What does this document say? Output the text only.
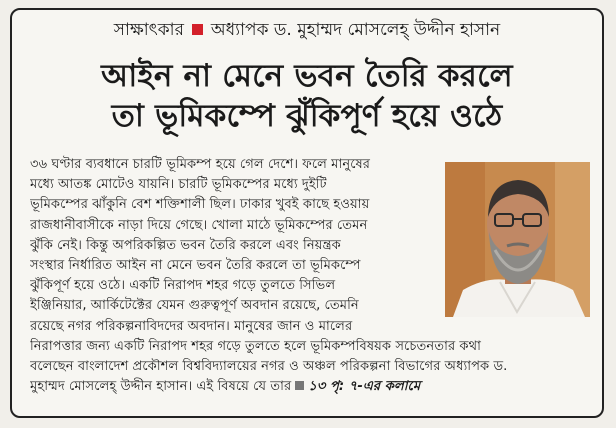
সাক্ষাৎকার অধ্যাপক ড. মুহাম্মদ মোসলেহ্ উদ্দীন হাসান
আইন না মেনে ভবন তৈরি করলে
তা ভূমিকম্পে ঝুঁকিপূর্ণ হয়ে ওঠে
৩৬ ঘণ্টার ব্যবধানে চারটি ভূমিকম্প হয়ে গেল দেশে। ফলে মানুষের
মধ্যে আতঙ্ক মোটেও যায়নি। চারটি ভূমিকম্পের মধ্যে দুইটি
ভূমিকম্পের ঝাঁকুনি বেশ শক্তিশালী ছিল। ঢাকার খুবই কাছে হওয়ায়
রাজধানীবাসীকে নাড়া দিয়ে গেছে। খোলা মাঠে ভূমিকম্পের তেমন
ঝুঁকি নেই। কিন্তু অপরিকল্পিত ভবন তৈরি করলে এবং নিয়ন্ত্রক
সংস্থার নির্ধারিত আইন না মেনে ভবন তৈরি করলে তা ভূমিকম্পে
ঝুঁকিপূর্ণ হয়ে ওঠে। একটি নিরাপদ শহর গড়ে তুলতে সিভিল
ইঞ্জিনিয়ার, আর্কিটেক্টের যেমন গুরুত্বপূর্ণ অবদান রয়েছে, তেমনি
রয়েছে নগর পরিকল্পনাবিদদের অবদান। মানুষের জান ও মালের
নিরাপত্তার জন্য একটি নিরাপদ শহর গড়ে তুলতে হলে ভূমিকম্পবিষয়ক সচেতনতার কথা
বলেছেন বাংলাদেশ প্রকৌশল বিশ্ববিদ্যালয়ের নগর ও অঞ্চল পরিকল্পনা বিভাগের অধ্যাপক ড.
মুহাম্মদ মোসলেহ্ উদ্দীন হাসান। এই বিষয়ে যে তার ১৩ পৃ: ৭-এর কলামে
